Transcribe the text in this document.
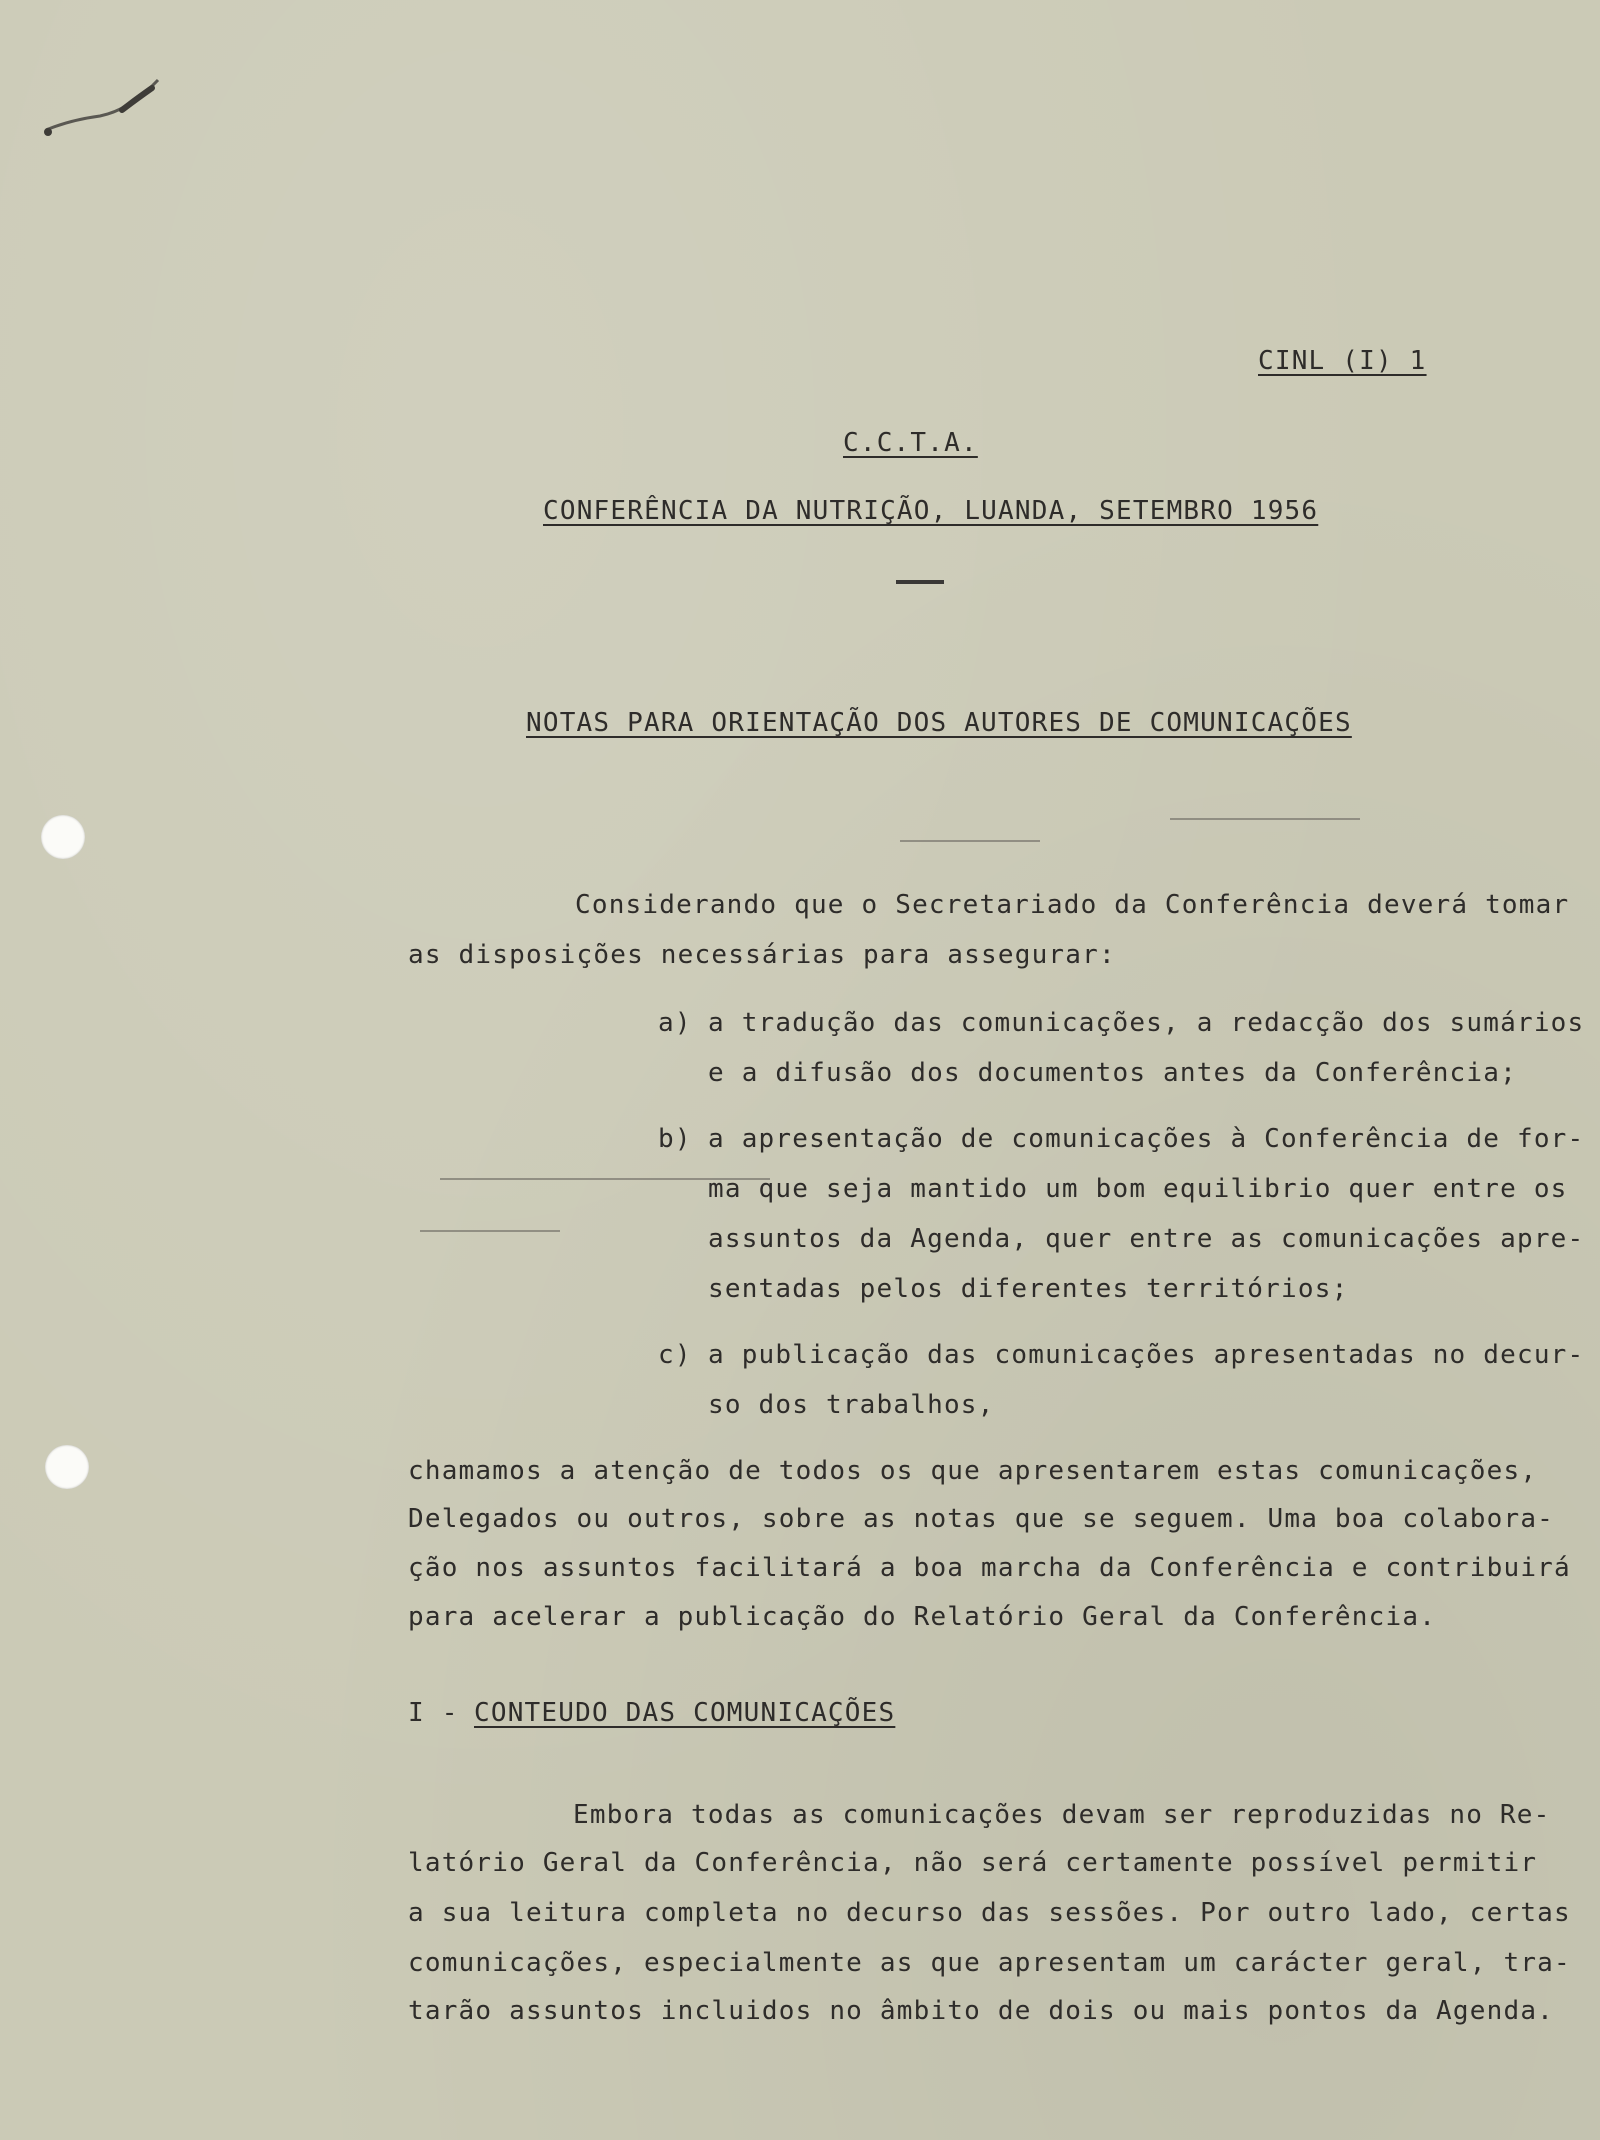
CINL (I) 1
C.C.T.A.
CONFERÊNCIA DA NUTRIÇÃO, LUANDA, SETEMBRO 1956
NOTAS PARA ORIENTAÇÃO DOS AUTORES DE COMUNICAÇÕES
Considerando que o Secretariado da Conferência deverá tomar
as disposições necessárias para assegurar:
a) a tradução das comunicações, a redacção dos sumários
e a difusão dos documentos antes da Conferência;
b) a apresentação de comunicações à Conferência de for-
ma que seja mantido um bom equilibrio quer entre os
assuntos da Agenda, quer entre as comunicações apre-
sentadas pelos diferentes territórios;
c) a publicação das comunicações apresentadas no decur-
so dos trabalhos,
chamamos a atenção de todos os que apresentarem estas comunicações,
Delegados ou outros, sobre as notas que se seguem. Uma boa colabora-
ção nos assuntos facilitará a boa marcha da Conferência e contribuirá
para acelerar a publicação do Relatório Geral da Conferência.
I - CONTEUDO DAS COMUNICAÇÕES
Embora todas as comunicações devam ser reproduzidas no Re-
latório Geral da Conferência, não será certamente possível permitir
a sua leitura completa no decurso das sessões. Por outro lado, certas
comunicações, especialmente as que apresentam um carácter geral, tra-
tarão assuntos incluidos no âmbito de dois ou mais pontos da Agenda.
